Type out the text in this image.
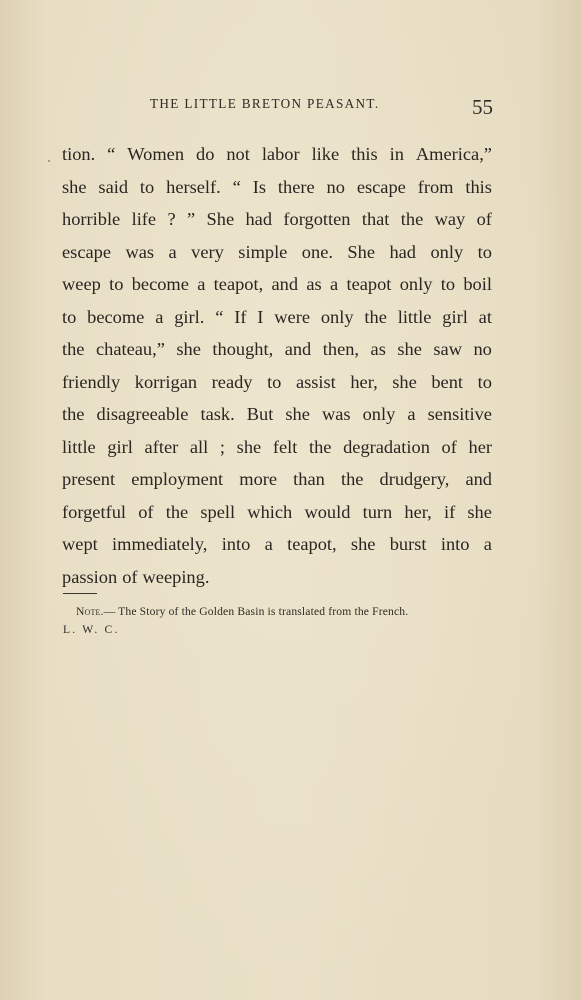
THE LITTLE BRETON PEASANT.	55
tion. “ Women do not labor like this in America,”
she said to herself. “ Is there no escape from this
horrible life ? ” She had forgotten that the way of
escape was a very simple one. She had only to
weep to become a teapot, and as a teapot only to boil
to become a girl. “ If I were only the little girl at
the chateau,” she thought, and then, as she saw no
friendly korrigan ready to assist her, she bent to
the disagreeable task. But she was only a sensitive
little girl after all ; she felt the degradation of her
present employment more than the drudgery, and
forgetful of the spell which would turn her, if she
wept immediately, into a teapot, she burst into a
passion of weeping.
Note.— The Story of the Golden Basin is translated from the French.
L. W. C.
